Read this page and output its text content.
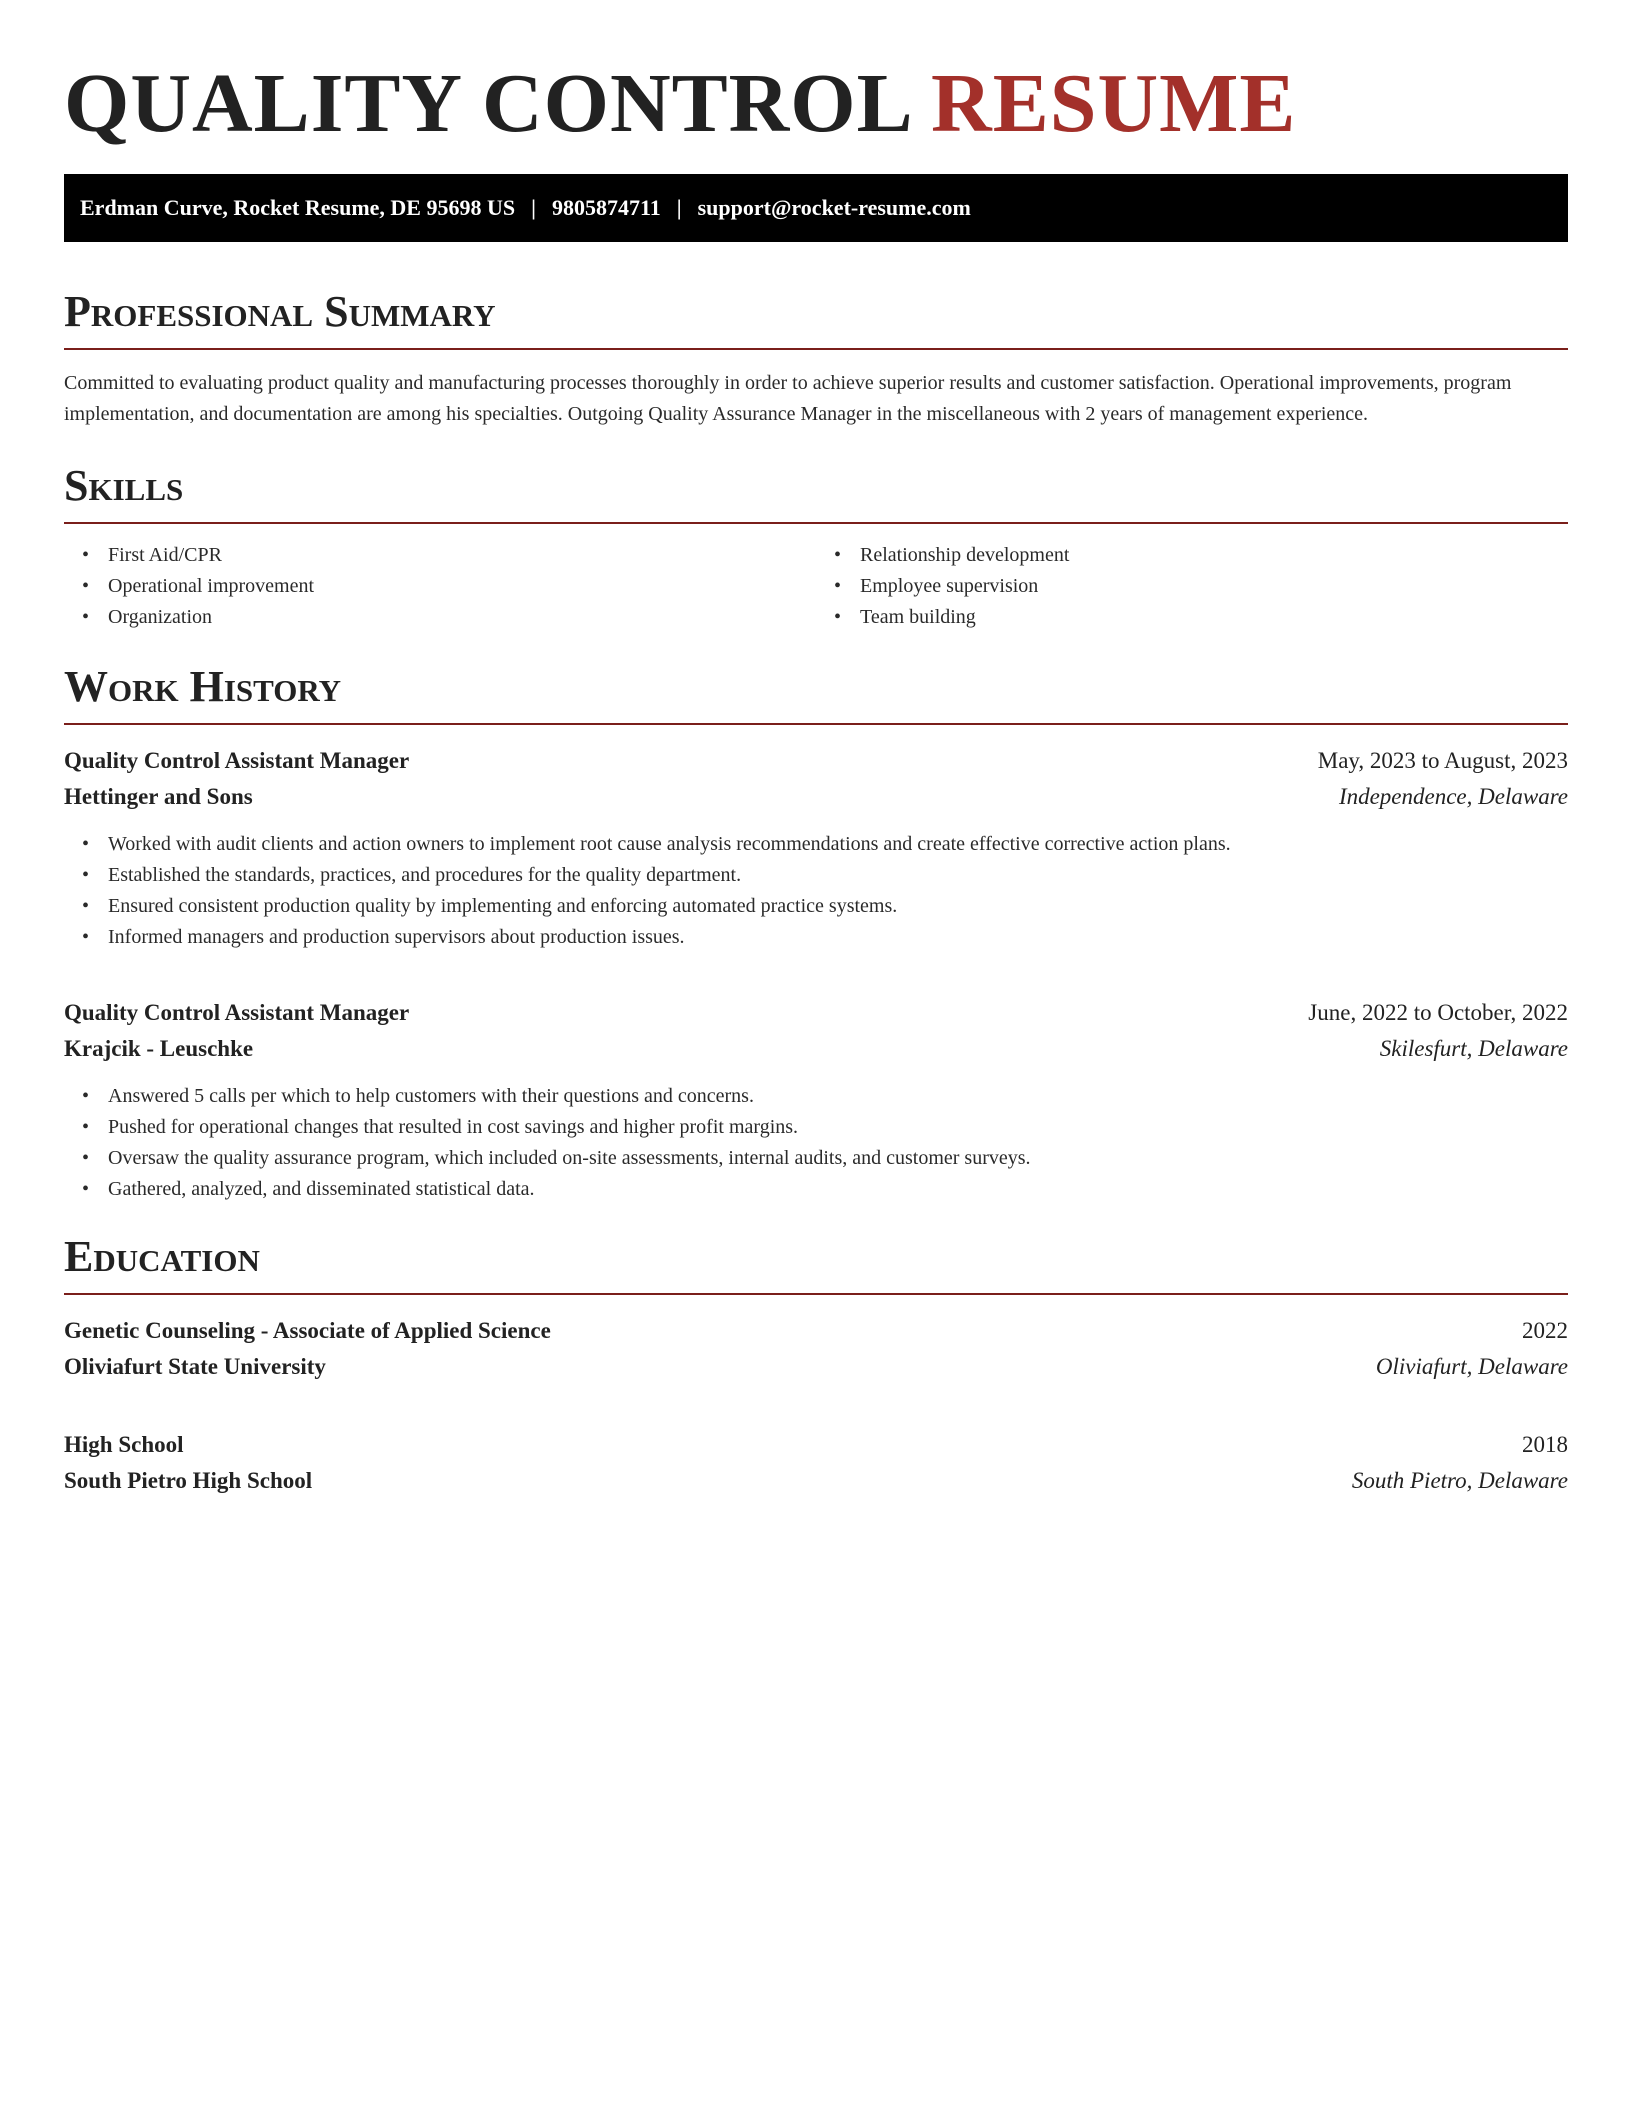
QUALITY CONTROL RESUME
Erdman Curve, Rocket Resume, DE 95698 US | 9805874711 | support@rocket-resume.com
Professional Summary

Committed to evaluating product quality and manufacturing processes thoroughly in order to achieve superior results and customer satisfaction. Operational improvements, program implementation, and documentation are among his specialties. Outgoing Quality Assurance Manager in the miscellaneous with 2 years of management experience.

Skills
• First Aid/CPR
• Operational improvement
• Organization
• Relationship development
• Employee supervision
• Team building
Work History
Quality Control Assistant Manager	May, 2023 to August, 2023
Hettinger and Sons	Independence, Delaware
• Worked with audit clients and action owners to implement root cause analysis recommendations and create effective corrective action plans.
• Established the standards, practices, and procedures for the quality department.
• Ensured consistent production quality by implementing and enforcing automated practice systems.
• Informed managers and production supervisors about production issues.
Quality Control Assistant Manager	June, 2022 to October, 2022
Krajcik - Leuschke	Skilesfurt, Delaware
• Answered 5 calls per which to help customers with their questions and concerns.
• Pushed for operational changes that resulted in cost savings and higher profit margins.
• Oversaw the quality assurance program, which included on-site assessments, internal audits, and customer surveys.
• Gathered, analyzed, and disseminated statistical data.
Education
Genetic Counseling - Associate of Applied Science	2022
Oliviafurt State University	Oliviafurt, Delaware
High School	2018
South Pietro High School	South Pietro, Delaware
